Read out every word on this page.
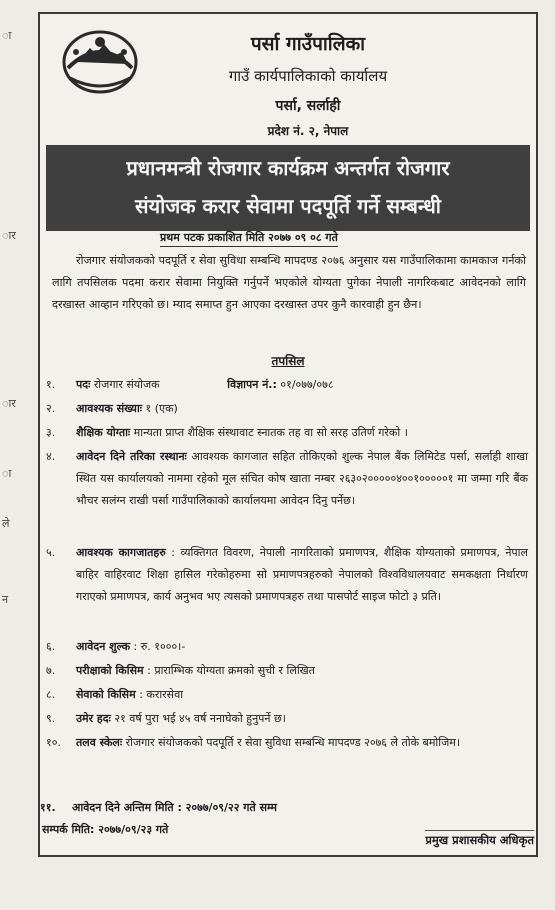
ा
ार
ार
ा
ले
न
पर्सा गाउँपालिका
गाउँ कार्यपालिकाको कार्यालय
पर्सा, सर्लाही
प्रदेश नं. २, नेपाल
प्रधानमन्त्री रोजगार कार्यक्रम अन्तर्गत रोजगार
संयोजक करार सेवामा पदपूर्ति गर्ने सम्बन्धी
प्रथम पटक प्रकाशित मिति २०७७ ०९ ०८ गते
रोजगार संयोजकको पदपूर्ति र सेवा सुविधा सम्बन्धि मापदण्ड २०७६ अनुसार यस गाउँपालिकामा कामकाज गर्नको लागि तपसिलक पदमा करार सेवामा नियुक्ति गर्नुपर्ने भएकोले योग्यता पुगेका नेपाली नागरिकबाट आवेदनको लागि दरखास्त आव्हान गरिएको छ। म्याद समाप्त हुन आएका दरखास्त उपर कुनै कारवाही हुन छैन।
तपसिल
१.	पदः रोजगार संयोजक	विज्ञापन नं.: ०१/०७७/०७८
२.	आवश्यक संख्याः १ (एक)
३.	शैक्षिक योग्ताः मान्यता प्राप्त शैक्षिक संस्थावाट स्नातक तह वा सो सरह उतिर्ण गरेको ।
४.	आवेदन दिने तरिका रस्थानः आवश्यक कागजात सहित तोकिएको शुल्क नेपाल बैंक लिमिटेड पर्सा, सर्लाही शाखा स्थित यस कार्यालयको नाममा रहेको मूल संचित कोष खाता नम्बर २६३०२०००००४००१०००००१ मा जम्मा गरि बैंक भौचर सलंग्न राखी पर्सा गाउँपालिकाको कार्यालयमा आवेदन दिनु पर्नेछ।
५.	आवश्यक कागजातहरु : व्यक्तिगत विवरण, नेपाली नागरिताको प्रमाणपत्र, शैक्षिक योग्यताको प्रमाणपत्र, नेपाल बाहिर वाहिरवाट शिक्षा हासिल गरेकोहरुमा सो प्रमाणपत्रहरुको नेपालको विश्वविधालयवाट समकक्षता निर्धारण गराएको प्रमाणपत्र, कार्य अनुभव भए त्यसको प्रमाणपत्रहरु तथा पासपोर्ट साइज फोटो ३ प्रति।
६.	आवेदन शुल्क : रु. १०००।-
७.	परीक्षाको किसिम : प्राराम्भिक योग्यता क्रमको सुची र लिखित
८.	सेवाको किसिम : करारसेवा
९.	उमेर हदः २१ वर्ष पुरा भई ४५ वर्ष ननाघेको हुनुपर्ने छ।
१०.	तलव स्केलः रोजगार संयोजकको पदपूर्ति र सेवा सुविधा सम्बन्धि मापदण्ड २०७६ ले तोके बमोजिम।
११. आवेदन दिने अन्तिम मिति : २०७७/०९/२२ गते सम्म
सम्पर्क मिति: २०७७/०९/२३ गते
प्रमुख प्रशासकीय अधिकृत
